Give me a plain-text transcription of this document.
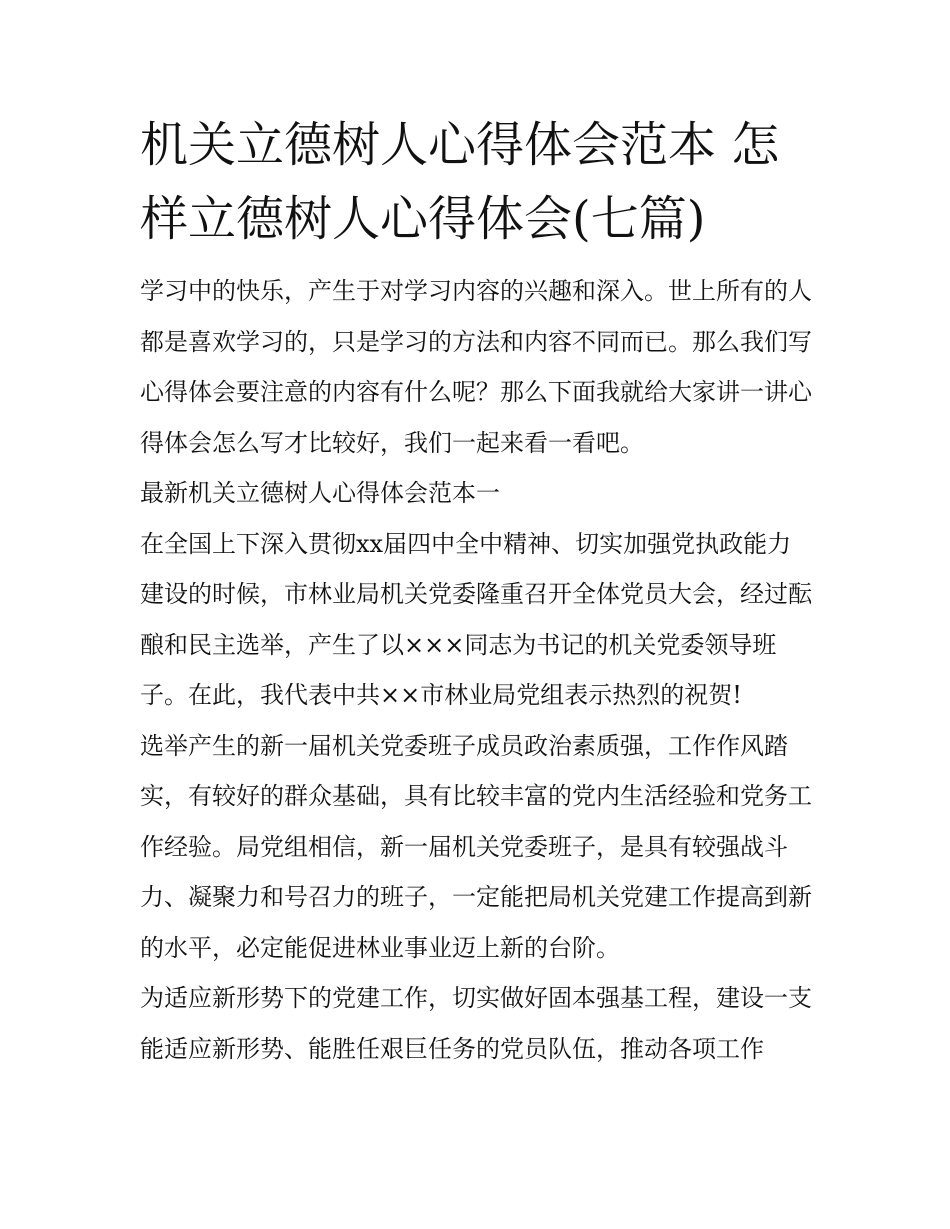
机关立德树人心得体会范本 怎样立德树人心得体会(七篇)

学习中的快乐，产生于对学习内容的兴趣和深入。世上所有的人都是喜欢学习的，只是学习的方法和内容不同而已。那么我们写心得体会要注意的内容有什么呢？那么下面我就给大家讲一讲心得体会怎么写才比较好，我们一起来看一看吧。

最新机关立德树人心得体会范本一

在全国上下深入贯彻xx届四中全中精神、切实加强党执政能力建设的时候，市林业局机关党委隆重召开全体党员大会，经过酝酿和民主选举，产生了以×××同志为书记的机关党委领导班子。在此，我代表中共××市林业局党组表示热烈的祝贺!

选举产生的新一届机关党委班子成员政治素质强，工作作风踏实，有较好的群众基础，具有比较丰富的党内生活经验和党务工作经验。局党组相信，新一届机关党委班子，是具有较强战斗力、凝聚力和号召力的班子，一定能把局机关党建工作提高到新的水平，必定能促进林业事业迈上新的台阶。

为适应新形势下的党建工作，切实做好固本强基工程，建设一支能适应新形势、能胜任艰巨任务的党员队伍，推动各项工作
